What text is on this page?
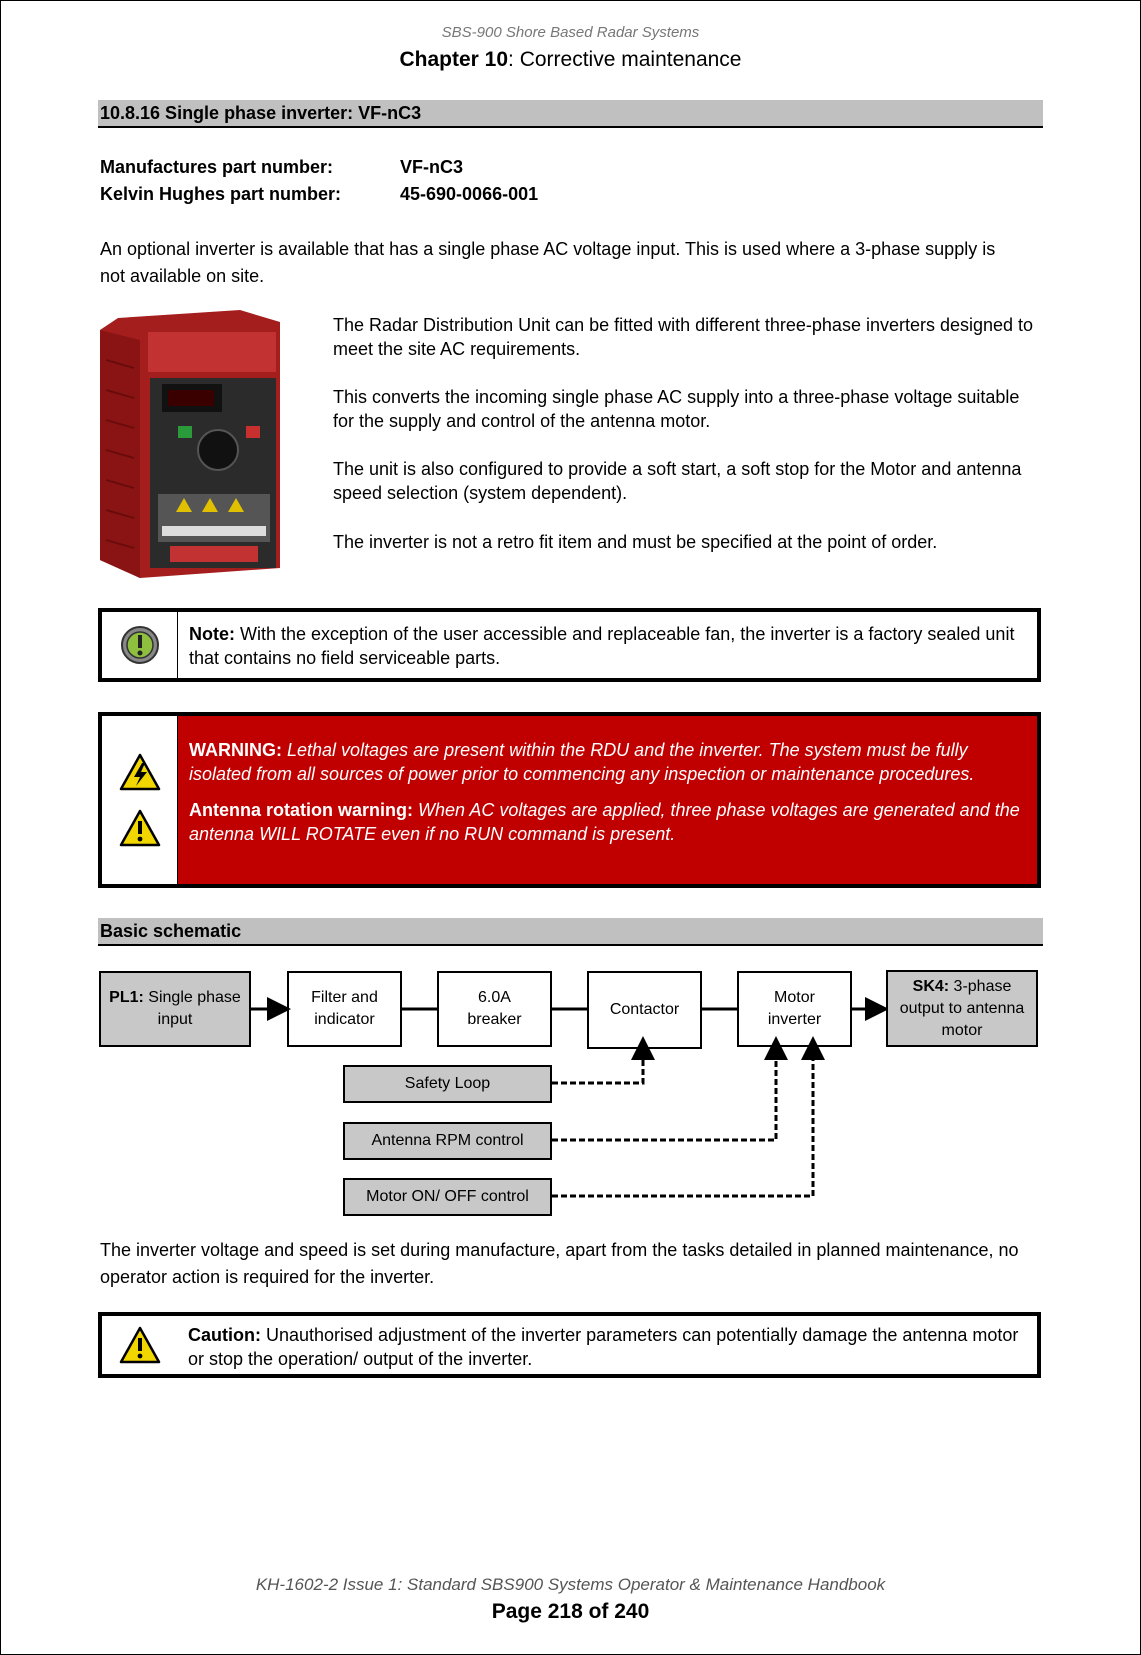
SBS-900 Shore Based Radar Systems
Chapter 10: Corrective maintenance
10.8.16 Single phase inverter: VF-nC3
Manufactures part number:	VF-nC3
Kelvin Hughes part number:	45-690-0066-001
An optional inverter is available that has a single phase AC voltage input. This is used where a 3-phase supply is not available on site.
The Radar Distribution Unit can be fitted with different three-phase inverters designed to meet the site AC requirements.
This converts the incoming single phase AC supply into a three-phase voltage suitable for the supply and control of the antenna motor.
The unit is also configured to provide a soft start, a soft stop for the Motor and antenna speed selection (system dependent).
The inverter is not a retro fit item and must be specified at the point of order.
Note: With the exception of the user accessible and replaceable fan, the inverter is a factory sealed unit that contains no field serviceable parts.

WARNING: Lethal voltages are present within the RDU and the inverter. The system must be fully isolated from all sources of power prior to commencing any inspection or maintenance procedures.

Antenna rotation warning: When AC voltages are applied, three phase voltages are generated and the antenna WILL ROTATE even if no RUN command is present.

Basic schematic
PL1: Single phase input
Filter and indicator
6.0A breaker
Contactor
Motor inverter
SK4: 3-phase output to antenna motor
Safety Loop
Antenna RPM control
Motor ON/ OFF control
The inverter voltage and speed is set during manufacture, apart from the tasks detailed in planned maintenance, no operator action is required for the inverter.
Caution: Unauthorised adjustment of the inverter parameters can potentially damage the antenna motor or stop the operation/ output of the inverter.
KH-1602-2 Issue 1: Standard SBS900 Systems Operator & Maintenance Handbook
Page 218 of 240
